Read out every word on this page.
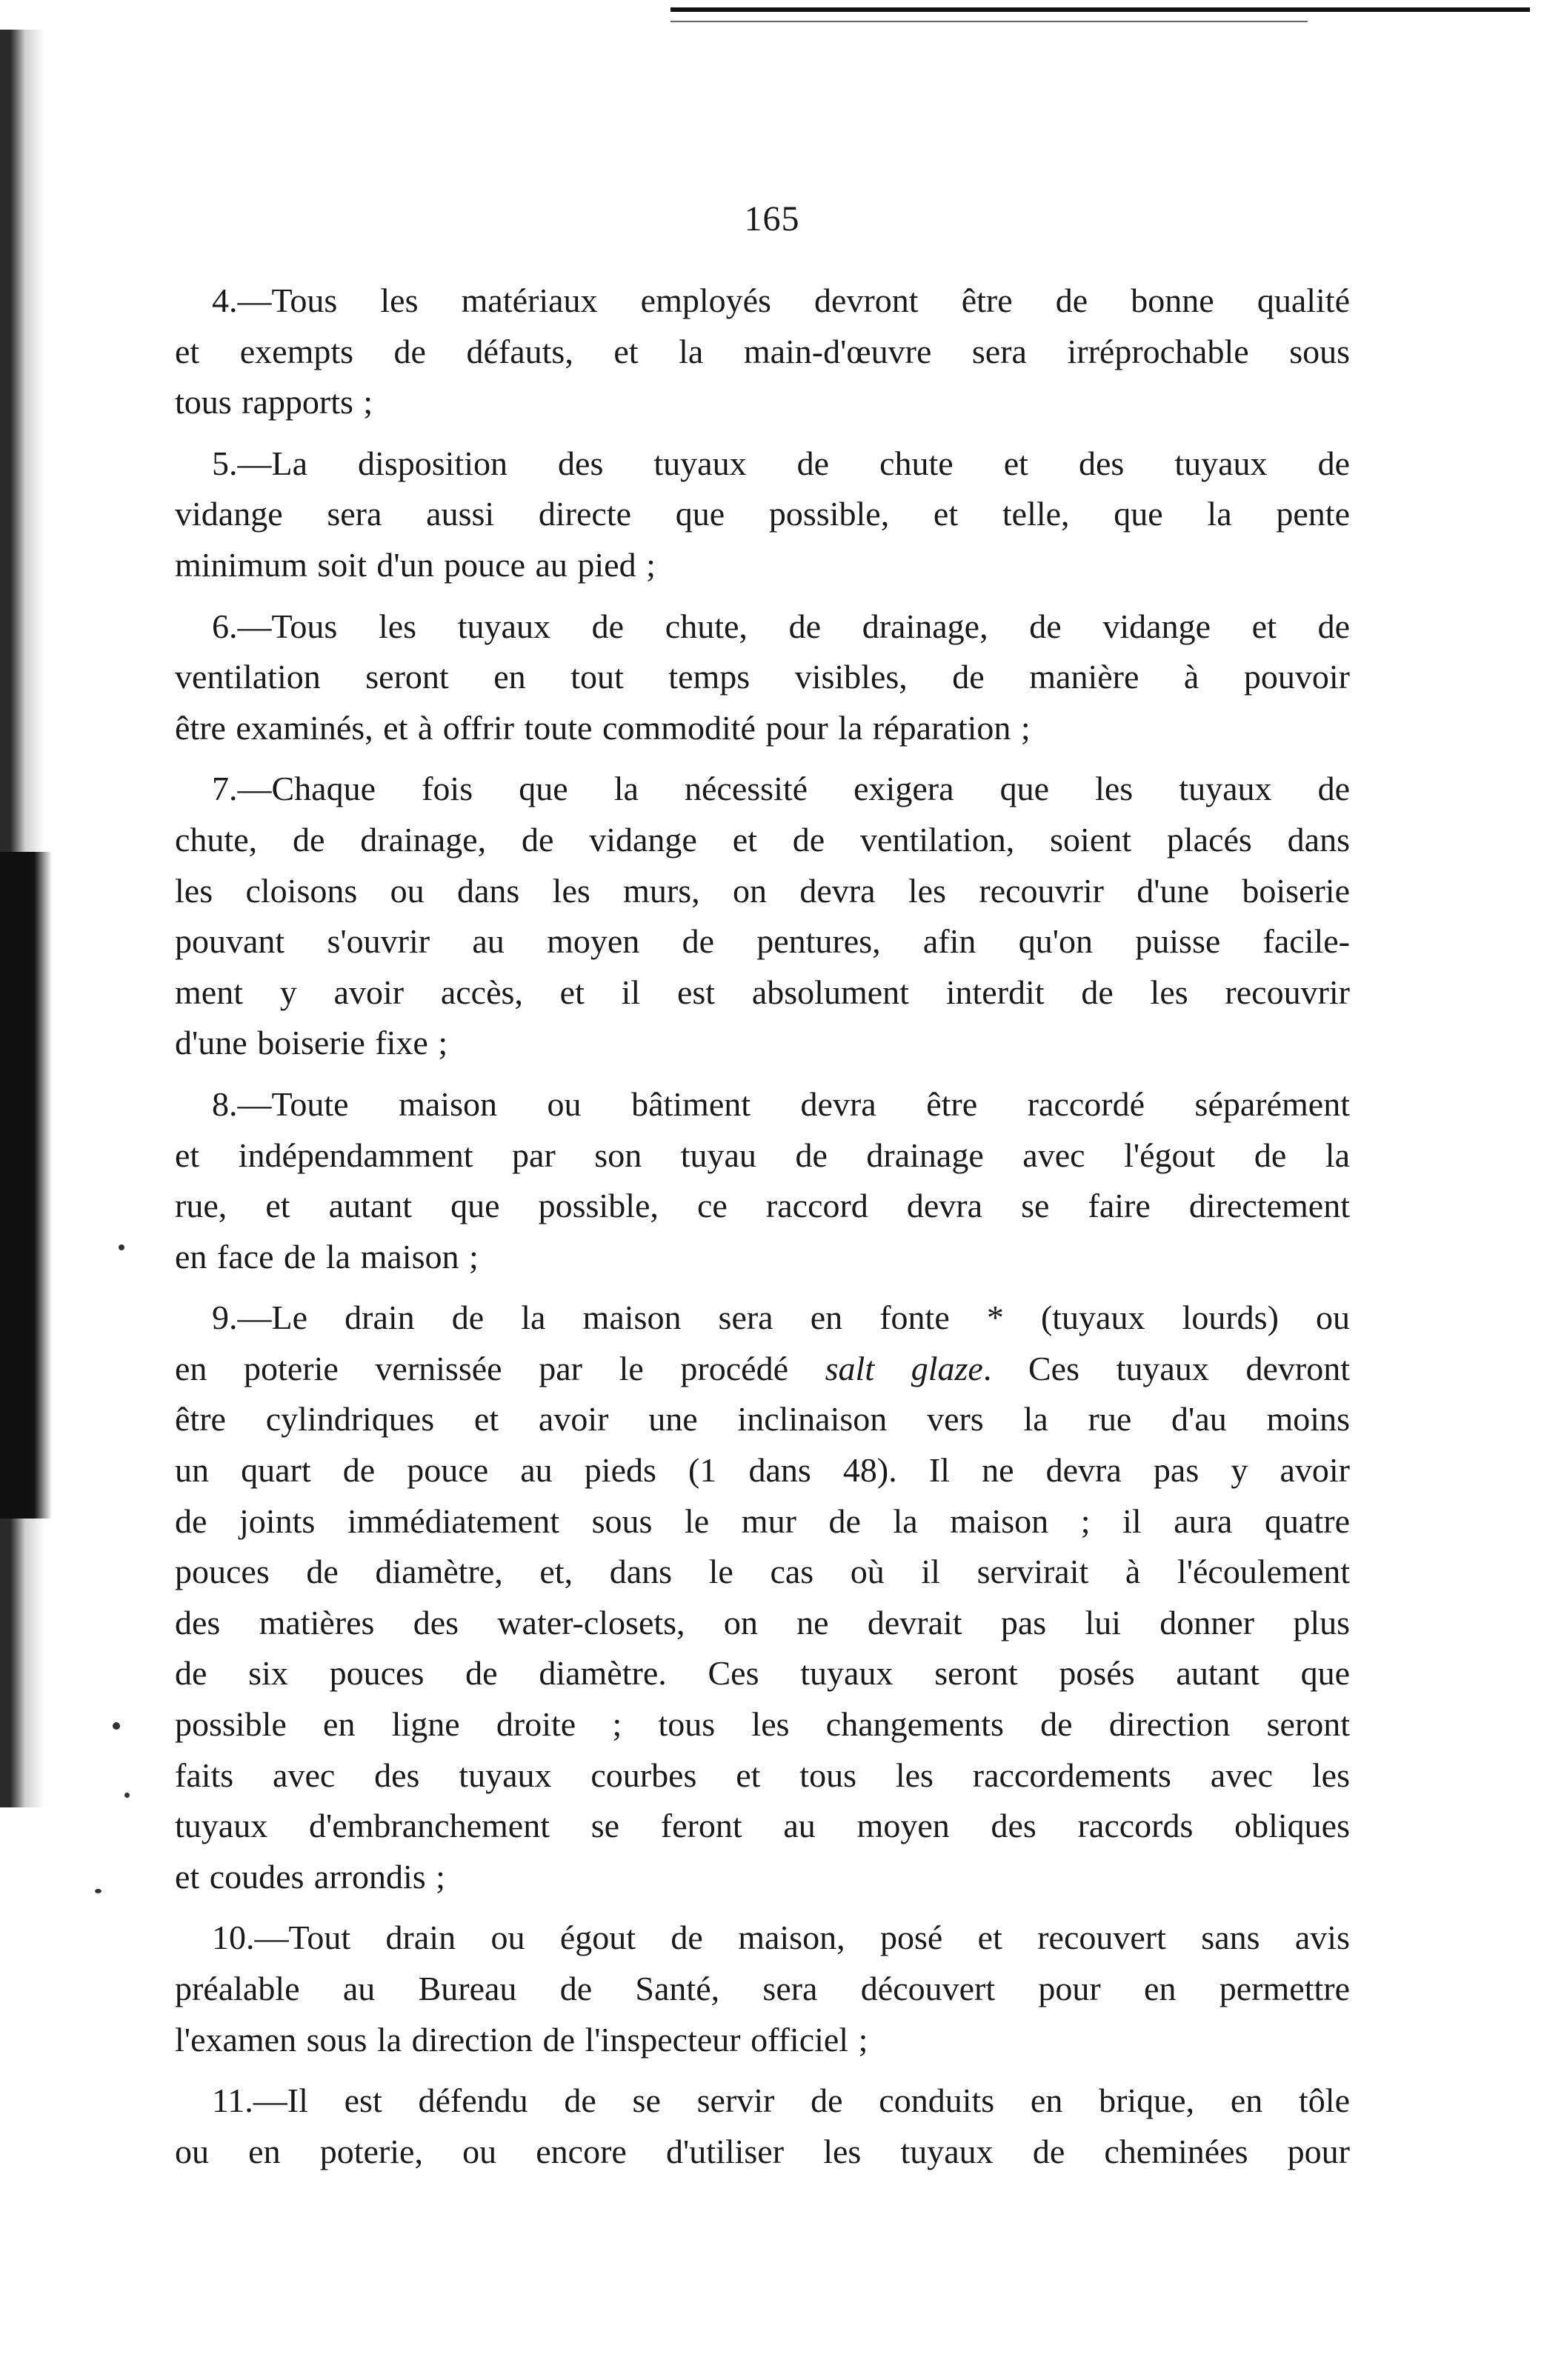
165
4.—Tous les matériaux employés devront être de bonne qualité
et exempts de défauts, et la main-d'œuvre sera irréprochable sous
tous rapports ;
5.—La disposition des tuyaux de chute et des tuyaux de
vidange sera aussi directe que possible, et telle, que la pente
minimum soit d'un pouce au pied ;
6.—Tous les tuyaux de chute, de drainage, de vidange et de
ventilation seront en tout temps visibles, de manière à pouvoir
être examinés, et à offrir toute commodité pour la réparation ;
7.—Chaque fois que la nécessité exigera que les tuyaux de
chute, de drainage, de vidange et de ventilation, soient placés dans
les cloisons ou dans les murs, on devra les recouvrir d'une boiserie
pouvant s'ouvrir au moyen de pentures, afin qu'on puisse facile-
ment y avoir accès, et il est absolument interdit de les recouvrir
d'une boiserie fixe ;
8.—Toute maison ou bâtiment devra être raccordé séparément
et indépendamment par son tuyau de drainage avec l'égout de la
rue, et autant que possible, ce raccord devra se faire directement
en face de la maison ;
9.—Le drain de la maison sera en fonte * (tuyaux lourds) ou
en poterie vernissée par le procédé salt glaze. Ces tuyaux devront
être cylindriques et avoir une inclinaison vers la rue d'au moins
un quart de pouce au pieds (1 dans 48). Il ne devra pas y avoir
de joints immédiatement sous le mur de la maison ; il aura quatre
pouces de diamètre, et, dans le cas où il servirait à l'écoulement
des matières des water-closets, on ne devrait pas lui donner plus
de six pouces de diamètre. Ces tuyaux seront posés autant que
possible en ligne droite ; tous les changements de direction seront
faits avec des tuyaux courbes et tous les raccordements avec les
tuyaux d'embranchement se feront au moyen des raccords obliques
et coudes arrondis ;
10.—Tout drain ou égout de maison, posé et recouvert sans avis
préalable au Bureau de Santé, sera découvert pour en permettre
l'examen sous la direction de l'inspecteur officiel ;
11.—Il est défendu de se servir de conduits en brique, en tôle
ou en poterie, ou encore d'utiliser les tuyaux de cheminées pour
